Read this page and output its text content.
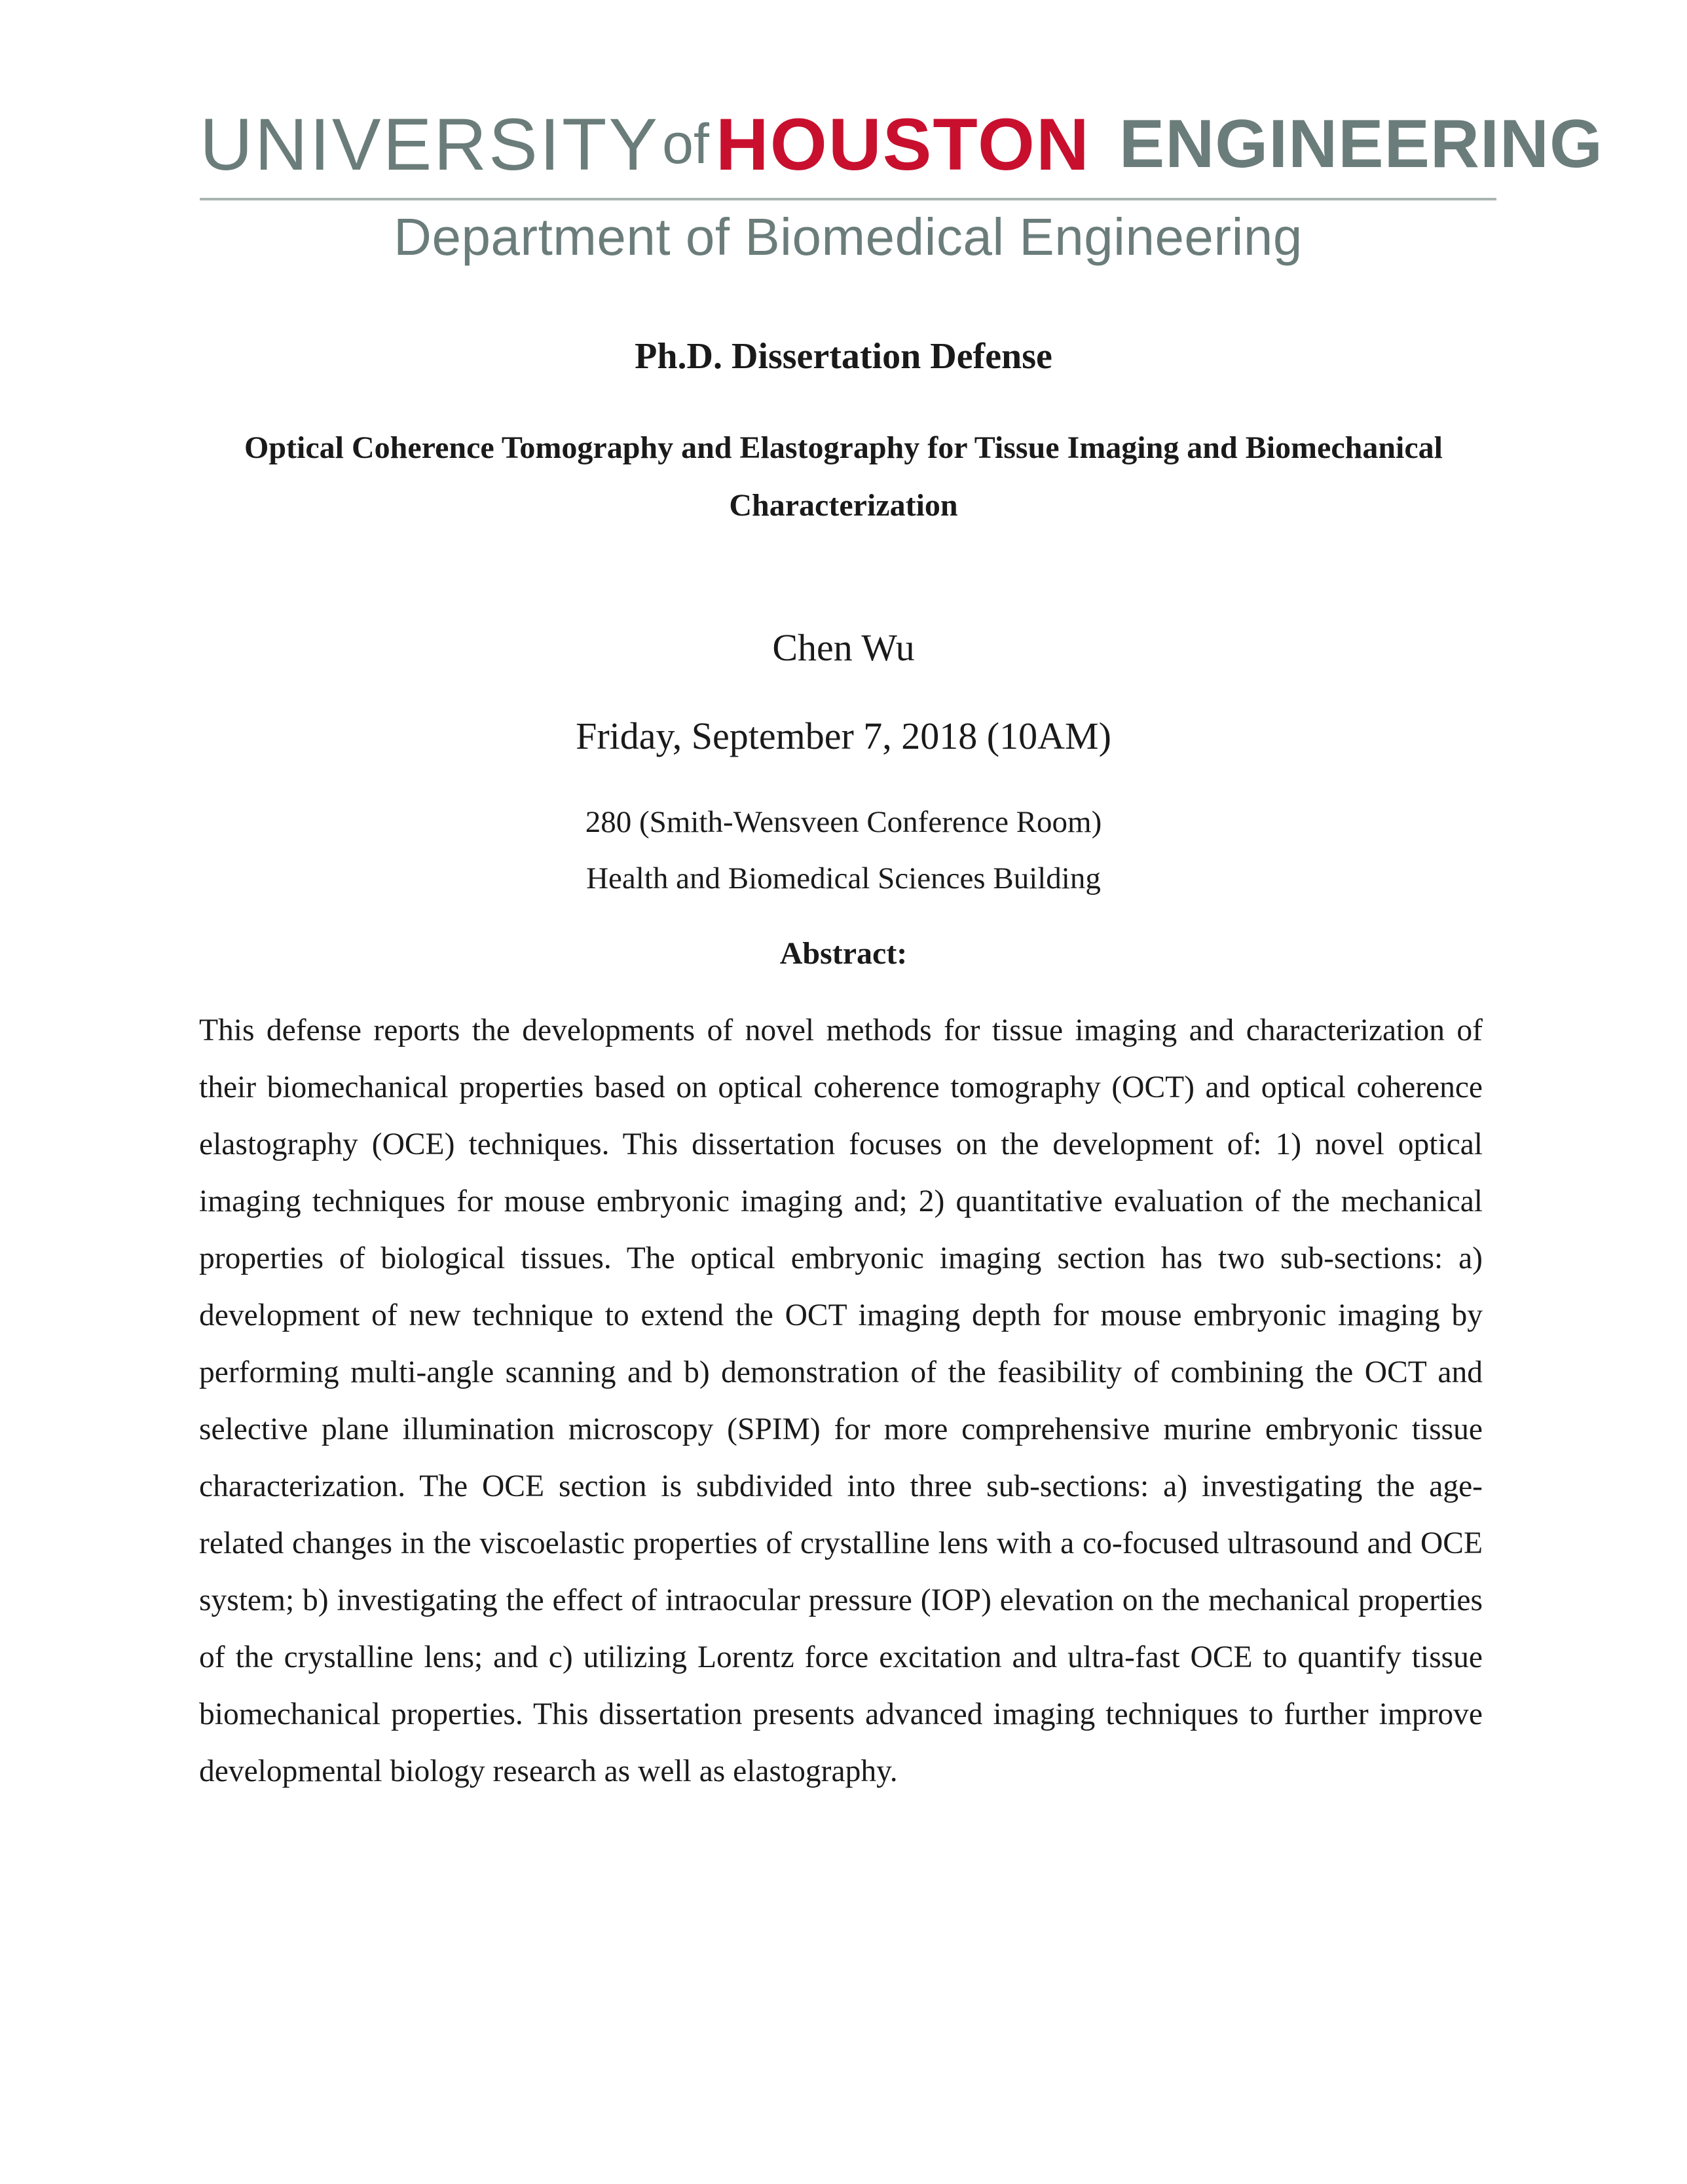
UNIVERSITY of HOUSTON ENGINEERING
Department of Biomedical Engineering
Ph.D. Dissertation Defense
Optical Coherence Tomography and Elastography for Tissue Imaging and Biomechanical Characterization
Chen Wu
Friday, September 7, 2018 (10AM)
280 (Smith-Wensveen Conference Room)
Health and Biomedical Sciences Building
Abstract:

This defense reports the developments of novel methods for tissue imaging and characterization of their biomechanical properties based on optical coherence tomography (OCT) and optical coherence elastography (OCE) techniques. This dissertation focuses on the development of: 1) novel optical imaging techniques for mouse embryonic imaging and; 2) quantitative evaluation of the mechanical properties of biological tissues. The optical embryonic imaging section has two sub-sections: a) development of new technique to extend the OCT imaging depth for mouse embryonic imaging by performing multi-angle scanning and b) demonstration of the feasibility of combining the OCT and selective plane illumination microscopy (SPIM) for more comprehensive murine embryonic tissue characterization. The OCE section is subdivided into three sub-sections: a) investigating the age-related changes in the viscoelastic properties of crystalline lens with a co-focused ultrasound and OCE system; b) investigating the effect of intraocular pressure (IOP) elevation on the mechanical properties of the crystalline lens; and c) utilizing Lorentz force excitation and ultra-fast OCE to quantify tissue biomechanical properties. This dissertation presents advanced imaging techniques to further improve developmental biology research as well as elastography.
